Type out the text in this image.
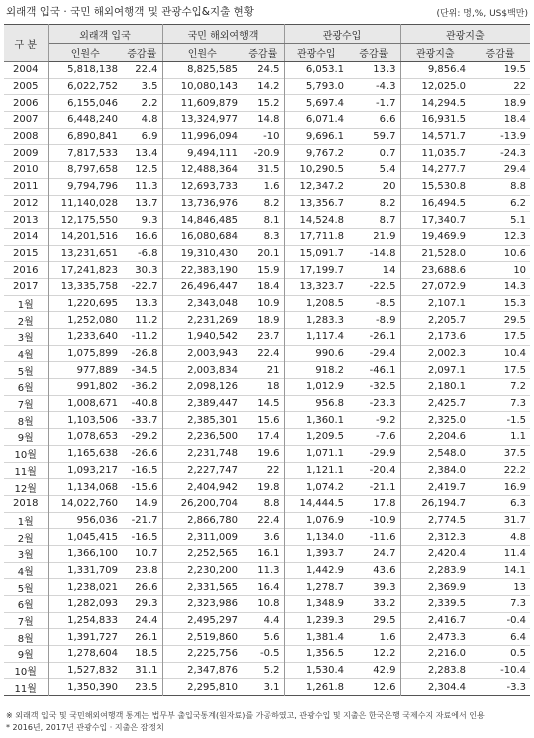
외래객 입국 · 국민 해외여행객 및 관광수입&지출 현황	(단위: 명,%, US$백만)
구 분	외래객 입국		국민 해외여행객		관광수입		관광지출	
	인원수	증감률	인원수	증감률	관광수입	증감률	관광지출	증감률
2004	5,818,138	22.4	8,825,585	24.5	6,053.1	13.3	9,856.4	19.5
2005	6,022,752	3.5	10,080,143	14.2	5,793.0	-4.3	12,025.0	22
2006	6,155,046	2.2	11,609,879	15.2	5,697.4	-1.7	14,294.5	18.9
2007	6,448,240	4.8	13,324,977	14.8	6,071.4	6.6	16,931.5	18.4
2008	6,890,841	6.9	11,996,094	-10	9,696.1	59.7	14,571.7	-13.9
2009	7,817,533	13.4	9,494,111	-20.9	9,767.2	0.7	11,035.7	-24.3
2010	8,797,658	12.5	12,488,364	31.5	10,290.5	5.4	14,277.7	29.4
2011	9,794,796	11.3	12,693,733	1.6	12,347.2	20	15,530.8	8.8
2012	11,140,028	13.7	13,736,976	8.2	13,356.7	8.2	16,494.5	6.2
2013	12,175,550	9.3	14,846,485	8.1	14,524.8	8.7	17,340.7	5.1
2014	14,201,516	16.6	16,080,684	8.3	17,711.8	21.9	19,469.9	12.3
2015	13,231,651	-6.8	19,310,430	20.1	15,091.7	-14.8	21,528.0	10.6
2016	17,241,823	30.3	22,383,190	15.9	17,199.7	14	23,688.6	10
2017	13,335,758	-22.7	26,496,447	18.4	13,323.7	-22.5	27,072.9	14.3
1월	1,220,695	13.3	2,343,048	10.9	1,208.5	-8.5	2,107.1	15.3
2월	1,252,080	11.2	2,231,269	18.9	1,283.3	-8.9	2,205.7	29.5
3월	1,233,640	-11.2	1,940,542	23.7	1,117.4	-26.1	2,173.6	17.5
4월	1,075,899	-26.8	2,003,943	22.4	990.6	-29.4	2,002.3	10.4
5월	977,889	-34.5	2,003,834	21	918.2	-46.1	2,097.1	17.5
6월	991,802	-36.2	2,098,126	18	1,012.9	-32.5	2,180.1	7.2
7월	1,008,671	-40.8	2,389,447	14.5	956.8	-23.3	2,425.7	7.3
8월	1,103,506	-33.7	2,385,301	15.6	1,360.1	-9.2	2,325.0	-1.5
9월	1,078,653	-29.2	2,236,500	17.4	1,209.5	-7.6	2,204.6	1.1
10월	1,165,638	-26.6	2,231,748	19.6	1,071.1	-29.9	2,548.0	37.5
11월	1,093,217	-16.5	2,227,747	22	1,121.1	-20.4	2,384.0	22.2
12월	1,134,068	-15.6	2,404,942	19.8	1,074.2	-21.1	2,419.7	16.9
2018	14,022,760	14.9	26,200,704	8.8	14,444.5	17.8	26,194.7	6.3
1월	956,036	-21.7	2,866,780	22.4	1,076.9	-10.9	2,774.5	31.7
2월	1,045,415	-16.5	2,311,009	3.6	1,134.0	-11.6	2,312.3	4.8
3월	1,366,100	10.7	2,252,565	16.1	1,393.7	24.7	2,420.4	11.4
4월	1,331,709	23.8	2,230,200	11.3	1,442.9	43.6	2,283.9	14.1
5월	1,238,021	26.6	2,331,565	16.4	1,278.7	39.3	2,369.9	13
6월	1,282,093	29.3	2,323,986	10.8	1,348.9	33.2	2,339.5	7.3
7월	1,254,833	24.4	2,495,297	4.4	1,239.3	29.5	2,416.7	-0.4
8월	1,391,727	26.1	2,519,860	5.6	1,381.4	1.6	2,473.3	6.4
9월	1,278,604	18.5	2,225,756	-0.5	1,356.5	12.2	2,216.0	0.5
10월	1,527,832	31.1	2,347,876	5.2	1,530.4	42.9	2,283.8	-10.4
11월	1,350,390	23.5	2,295,810	3.1	1,261.8	12.6	2,304.4	-3.3
※ 외래객 입국 및 국민해외여행객 통계는 법무부 출입국통계(원자료)를 가공하였고, 관광수입 및 지출은 한국은행 국제수지 자료에서 인용
* 2016년, 2017년 관광수입 · 지출은 잠정치
